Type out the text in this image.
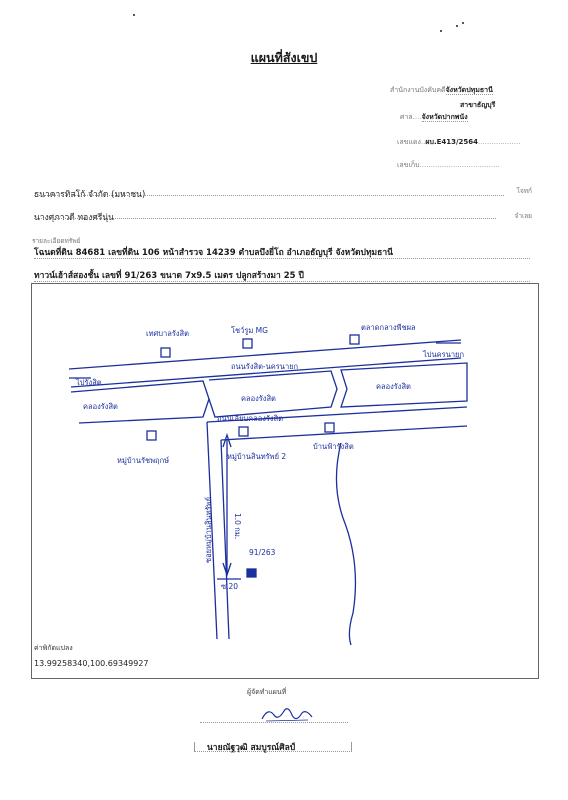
แผนที่สังเขป
สำนักงานบังคับคดีจังหวัดปทุมธานี
สาขาธัญบุรี
ศาล....จังหวัดปากพนัง
เลขแดง..ผบ.E413/2564...................
เลขเก็บ....................................
ธนาคารทิสโก้ จำกัด (มหาชน)	โจทก์
นางศุภาวดี ทองศรีนุ่น	จำเลย
รายละเอียดทรัพย์
โฉนดที่ดิน 84681 เลขที่ดิน 106 หน้าสำรวจ 14239 ตำบลบึงยี่โถ อำเภอธัญบุรี จังหวัดปทุมธานี
ทาวน์เฮ้าส์สองชั้น เลขที่ 91/263 ขนาด 7x9.5 เมตร ปลูกสร้างมา 25 ปี
เทศบาลรังสิต	โชว์รูม MG	ตลาดกลางพืชผล
ถนนรังสิต-นครนายก
ไปรังสิต
ไปนครนายก
คลองรังสิต
คลองรังสิต
คลองรังสิต
ถนนเลียบคลองรังสิต
หมู่บ้านรัชพฤกษ์	หมู่บ้านสินทรัพย์ 2
บ้านฟ้ารังสิต
ซอยหมู่บ้านสินทรัพย์	1.0 กม.
91/263
ซ.20
ค่าพิกัดแปลง
13.99258340,100.69349927
ผู้จัดทำแผนที่
นายณัฐวุฒิ สมบูรณ์ศิลป์
